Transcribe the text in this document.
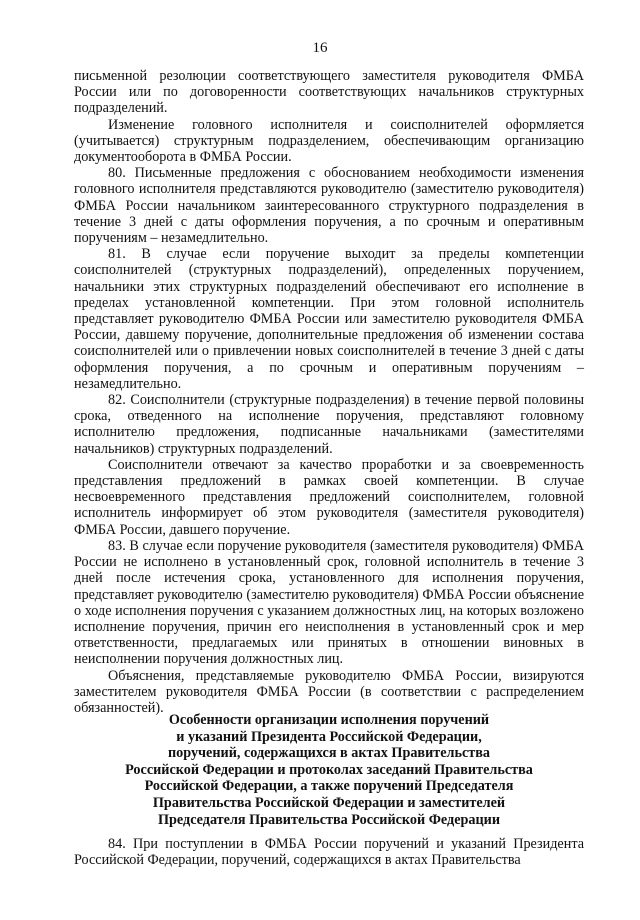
16

письменной резолюции соответствующего заместителя руководителя ФМБА России или по договоренности соответствующих начальников структурных подразделений.

Изменение головного исполнителя и соисполнителей оформляется (учитывается) структурным подразделением, обеспечивающим организацию документооборота в ФМБА России.

80. Письменные предложения с обоснованием необходимости изменения головного исполнителя представляются руководителю (заместителю руководителя) ФМБА России начальником заинтересованного структурного подразделения в течение 3 дней с даты оформления поручения, а по срочным и оперативным поручениям – незамедлительно.

81. В случае если поручение выходит за пределы компетенции соисполнителей (структурных подразделений), определенных поручением, начальники этих структурных подразделений обеспечивают его исполнение в пределах установленной компетенции. При этом головной исполнитель представляет руководителю ФМБА России или заместителю руководителя ФМБА России, давшему поручение, дополнительные предложения об изменении состава соисполнителей или о привлечении новых соисполнителей в течение 3 дней с даты оформления поручения, а по срочным и оперативным поручениям – незамедлительно.

82. Соисполнители (структурные подразделения) в течение первой половины срока, отведенного на исполнение поручения, представляют головному исполнителю предложения, подписанные начальниками (заместителями начальников) структурных подразделений.

Соисполнители отвечают за качество проработки и за своевременность представления предложений в рамках своей компетенции. В случае несвоевременного представления предложений соисполнителем, головной исполнитель информирует об этом руководителя (заместителя руководителя) ФМБА России, давшего поручение.

83. В случае если поручение руководителя (заместителя руководителя) ФМБА России не исполнено в установленный срок, головной исполнитель в течение 3 дней после истечения срока, установленного для исполнения поручения, представляет руководителю (заместителю руководителя) ФМБА России объяснение о ходе исполнения поручения с указанием должностных лиц, на которых возложено исполнение поручения, причин его неисполнения в установленный срок и мер ответственности, предлагаемых или принятых в отношении виновных в неисполнении поручения должностных лиц.

Объяснения, представляемые руководителю ФМБА России, визируются заместителем руководителя ФМБА России (в соответствии с распределением обязанностей).

Особенности организации исполнения поручений
и указаний Президента Российской Федерации,
поручений, содержащихся в актах Правительства
Российской Федерации и протоколах заседаний Правительства
Российской Федерации, а также поручений Председателя
Правительства Российской Федерации и заместителей
Председателя Правительства Российской Федерации

84. При поступлении в ФМБА России поручений и указаний Президента Российской Федерации, поручений, содержащихся в актах Правительства
